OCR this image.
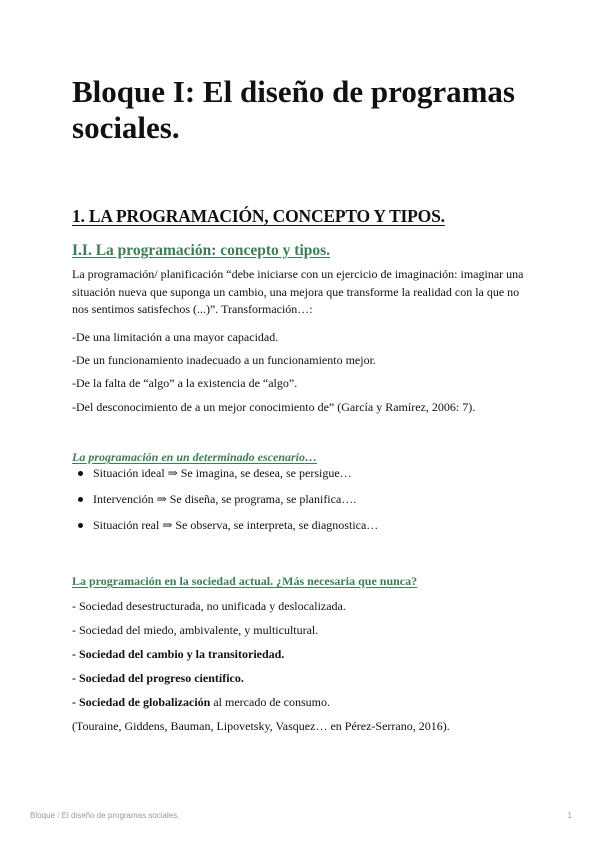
Bloque I: El diseño de programas sociales.
1. LA PROGRAMACIÓN, CONCEPTO Y TIPOS.
I.I. La programación: concepto y tipos.

La programación/ planificación “debe iniciarse con un ejercicio de imaginación: imaginar una situación nueva que suponga un cambio, una mejora que transforme la realidad con la que no nos sentimos satisfechos (...)”. Transformación…:

-De una limitación a una mayor capacidad.

-De un funcionamiento inadecuado a un funcionamiento mejor.

-De la falta de “algo” a la existencia de “algo”.

-Del desconocimiento de a un mejor conocimiento de” (García y Ramírez, 2006: 7).

La programación en un determinado escenario…

Situación ideal ⇒ Se imagina, se desea, se persigue…
Intervención ⇒ Se diseña, se programa, se planifica….
Situación real ⇒ Se observa, se interpreta, se diagnostica…

La programación en la sociedad actual. ¿Más necesaria que nunca?

- Sociedad desestructurada, no unificada y deslocalizada.

- Sociedad del miedo, ambivalente, y multicultural.

- Sociedad del cambio y la transitoriedad.

- Sociedad del progreso científico.

- Sociedad de globalización al mercado de consumo.

(Touraine, Giddens, Bauman, Lipovetsky, Vasquez… en Pérez-Serrano, 2016).

Bloque I El diseño de programas sociales.	1
